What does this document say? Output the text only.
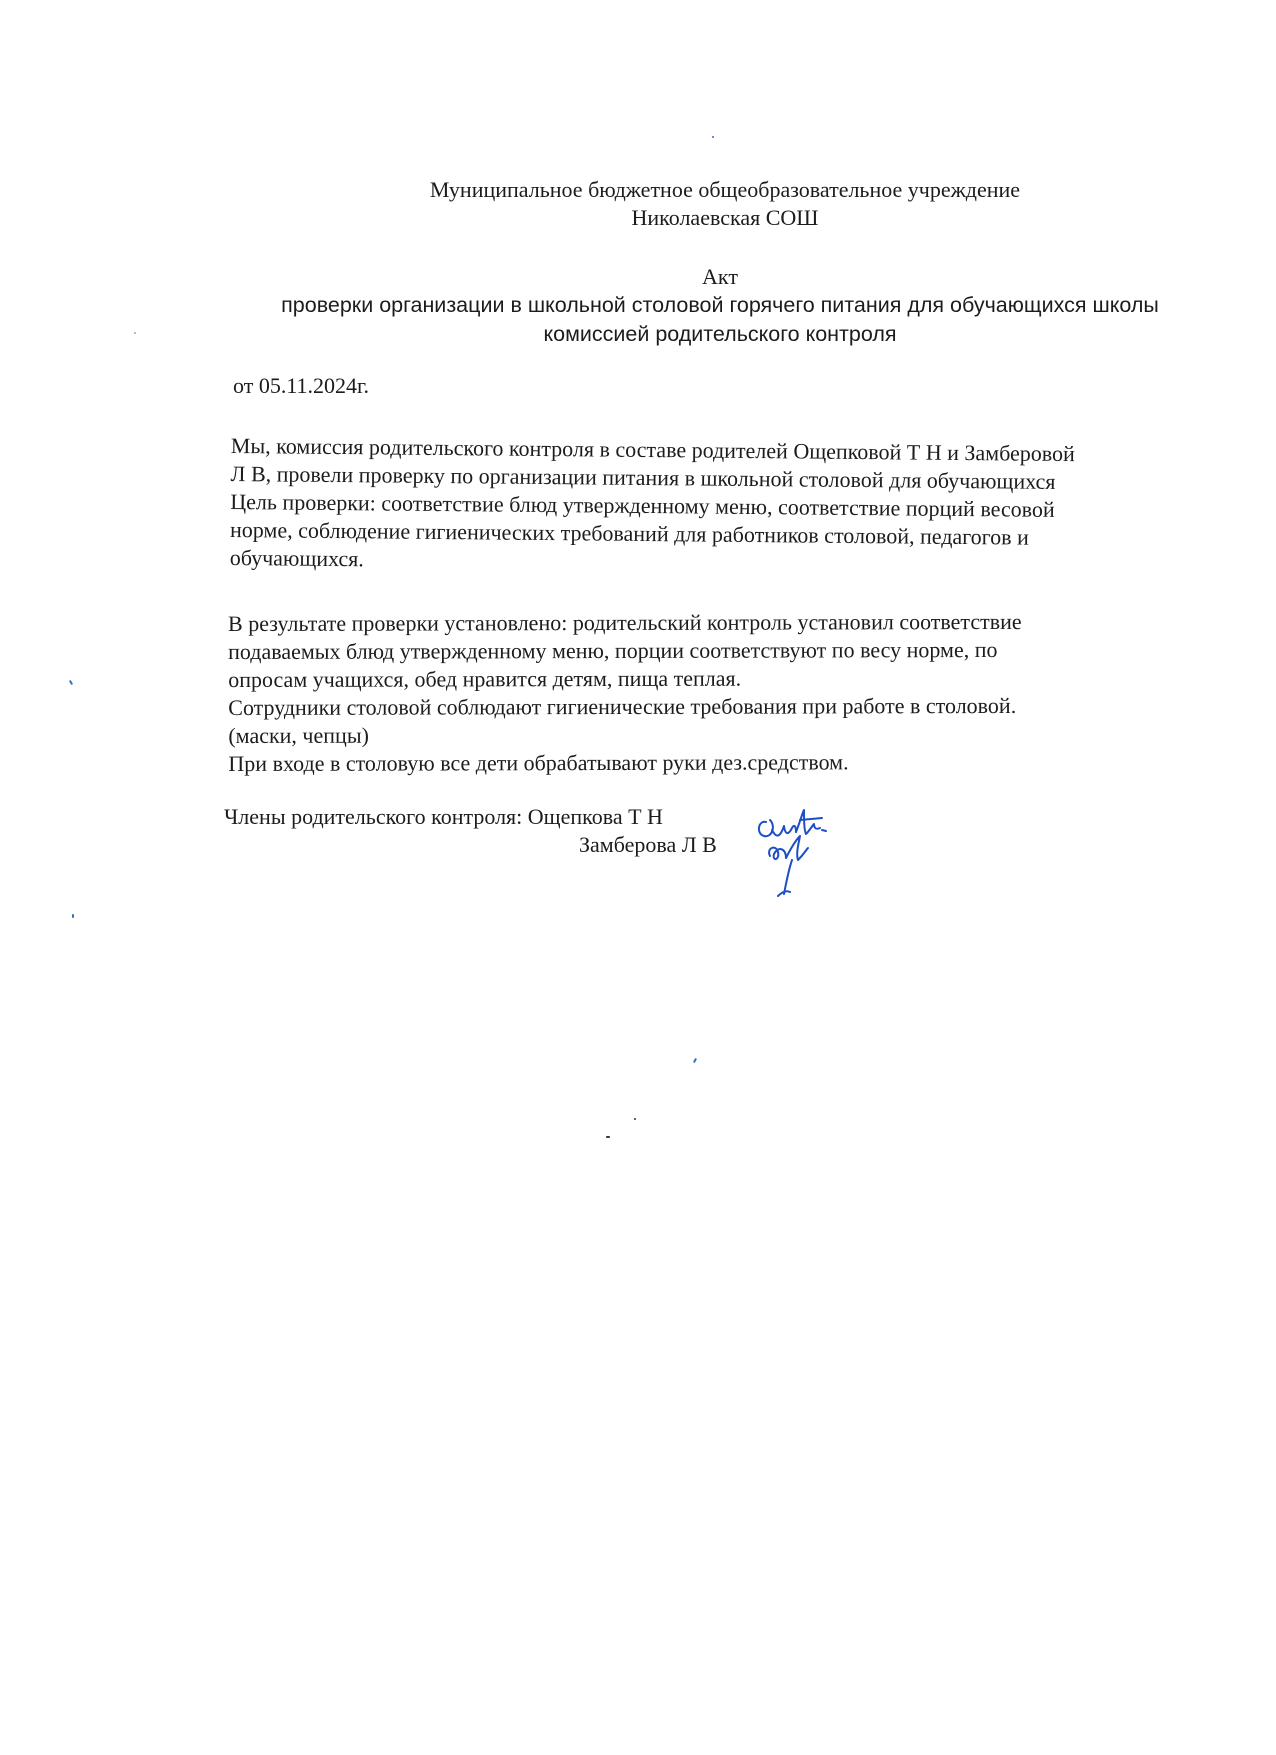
Муниципальное бюджетное общеобразовательное учреждение
Николаевская СОШ
Акт
проверки организации в школьной столовой горячего питания для обучающихся школы
комиссией родительского контроля
от 05.11.2024г.
Мы, комиссия родительского контроля в составе родителей Ощепковой Т Н и Замберовой
Л В, провели проверку по организации питания в школьной столовой для обучающихся
Цель проверки: соответствие блюд утвержденному меню, соответствие порций весовой
норме, соблюдение гигиенических требований для работников столовой, педагогов и
обучающихся.
В результате проверки установлено: родительский контроль установил соответствие
подаваемых блюд утвержденному меню, порции соответствуют по весу норме, по
опросам учащихся, обед нравится детям, пища теплая.
Сотрудники столовой соблюдают гигиенические требования при работе в столовой.
(маски, чепцы)
При входе в столовую все дети обрабатывают руки дез.средством.
Члены родительского контроля: Ощепкова Т Н
Замберова Л В
